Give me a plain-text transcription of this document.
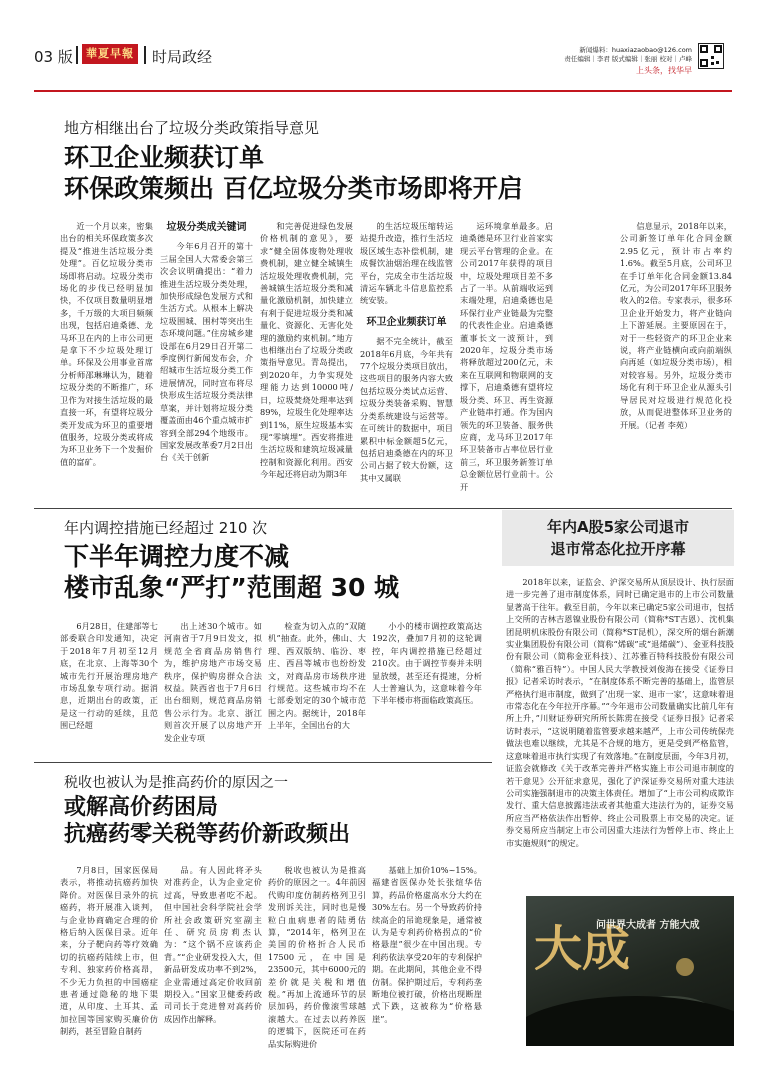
03 版	華夏早報 时局政经	新闻爆料：huaxiazaobao@126.com
责任编辑｜李君 版式编辑｜张丽 校对｜卢峰
上头条，找华早
地方相继出台了垃圾分类政策指导意见
环卫企业频获订单
环保政策频出 百亿垃圾分类市场即将开启

近一个月以来，密集出台的相关环保政策多次提及“推进生活垃圾分类处理”。百亿垃圾分类市场即将启动。垃圾分类市场化的步伐已经明显加快，不仅项目数量明显增多，千万级的大项目频频出现，包括启迪桑德、龙马环卫在内的上市公司更是拿下不少垃圾处理订单。环保及公用事业首席分析师邵琳琳认为，随着垃圾分类的不断推广，环卫作为对接生活垃圾的最直接一环，有望将垃圾分类开发成为环卫的重要增值服务，垃圾分类或将成为环卫业务下一个发掘价值的富矿。

垃圾分类成关键词

今年6月召开的第十三届全国人大常委会第三次会议明确提出：“着力推进生活垃圾分类处理，加快形成绿色发展方式和生活方式。从根本上解决垃圾围城、围村等突出生态环境问题。”住房城乡建设部在6月29日召开第二季度例行新闻发布会，介绍城市生活垃圾分类工作进展情况，同时宣布将尽快形成生活垃圾分类法律草案，并计划将垃圾分类覆盖面由46个重点城市扩容到全部294个地级市。国家发展改革委7月2日出台《关于创新

和完善促进绿色发展价格机制的意见》，要求“健全固体废物处理收费机制，建立健全城镇生活垃圾处理收费机制，完善城镇生活垃圾分类和减量化激励机制，加快建立有利于促进垃圾分类和减量化、资源化、无害化处理的激励约束机制。”地方也相继出台了垃圾分类政策指导意见。青岛提出，到2020年，力争实现处理能力达到10000吨/日，垃圾焚烧处理率达到89%，垃圾生化处理率达到11%，原生垃圾基本实现“零填埋”。西安将推进生活垃圾和建筑垃圾减量控制和资源化利用。西安今年起还将启动为期3年

的生活垃圾压缩转运站提升改造，推行生活垃圾区域生态补偿机制，建成餐饮油烟治理在线监管平台，完成全市生活垃圾清运车辆北斗信息监控系统安装。

环卫企业频获订单

据不完全统计，截至2018年6月底，今年共有77个垃圾分类项目放出，这些项目的服务内容大致包括垃圾分类试点运营、垃圾分类装备采购、智慧分类系统建设与运营等。在可统计的数据中，项目累积中标金额超5亿元，包括启迪桑德在内的环卫公司占据了较大份额，这其中又属联

运环境拿单最多。启迪桑德是环卫行业首家实现云平台管理的企业。在公司2017年获得的项目中，垃圾处理项目差不多占了一半。从前端收运到末端处理，启迪桑德也是环保行业产业链最为完整的代表性企业。启迪桑德董事长文一波预计，到2020年，垃圾分类市场将释放超过200亿元，未来在互联网和物联网的支撑下，启迪桑德有望将垃圾分类、环卫、再生资源产业链串打通。作为国内领先的环卫装备、服务供应商，龙马环卫2017年环卫装备市占率位居行业前三，环卫服务新签订单总金额位居行业前十。公开

信息显示，2018年以来，公司新签订单年化合同金额2.95亿元，预计市占率约1.6%。截至5月底，公司环卫在手订单年化合同金额13.84亿元，为公司2017年环卫服务收入的2倍。专家表示，很多环卫企业开始发力，将产业链向上下游延展。主要原因在于，对于一些轻资产的环卫企业来说，将产业链横向或向前端纵向再延（如垃圾分类市场），相对较容易。另外，垃圾分类市场化有利于环卫企业从源头引导居民对垃圾进行规范化投放，从而促进整体环卫业务的开展。（记者 李苑）

年内调控措施已经超过 210 次
下半年调控力度不减
楼市乱象“严打”范围超 30 城

6月28日，住建部等七部委联合印发通知，决定于2018年7月初至12月底，在北京、上海等30个城市先行开展治理房地产市场乱象专项行动。据消息，近期出台的政策，正是这一行动的延续，且范围已经超

出上述30个城市。如河南省于7月9日发文，拟规范全省商品房销售行为，维护房地产市场交易秩序，保护购房群众合法权益。陕西省也于7月6日出台细则，规范商品房销售公示行为。北京、浙江则首次开展了以房地产开发企业专项

检查为切入点的“双随机”抽查。此外，佛山、大理、西双版纳、临汾、枣庄、西昌等城市也纷纷发文，对商品房市场秩序进行规范。这些城市均不在七部委划定的30个城市范围之内。据统计，2018年上半年，全国出台的大

小小的楼市调控政策高达192次，叠加7月初的这轮调控，年内调控措施已经超过210次。由于调控节奏并未明显放缓，甚至还有提速，分析人士普遍认为，这意味着今年下半年楼市将面临政策高压。

年内A股5家公司退市
退市常态化拉开序幕

2018年以来，证监会、沪深交易所从顶层设计、执行层面进一步完善了退市制度体系，同时已确定退市的上市公司数量显著高于往年。截至目前，今年以来已确定5家公司退市，包括上交所的吉林吉恩镍业股份有限公司（简称*ST吉恩）、沈机集团昆明机床股份有限公司（简称*ST昆机），深交所的烟台新潮实业集团股份有限公司（简称“烯碳”或“退烯碳”）、金亚科技股份有限公司（简称金亚科技）、江苏雅百特科技股份有限公司（简称“雅百特”）。中国人民大学教授刘俊海在接受《证券日报》记者采访时表示，“在制度体系不断完善的基础上，监管层严格执行退市制度，做到了‘出现一家、退市一家’，这意味着退市常态化在今年拉开序幕。”“今年退市公司数量确实比前几年有所上升，”川财证券研究所所长陈雳在接受《证券日报》记者采访时表示，“这说明随着监管要求越来越严，上市公司传统保壳做法也难以继续，尤其是不合规的地方，更是受到严格监管，这意味着退市执行实现了有效落地。”在制度层面，今年3月初，证监会就修改《关于改革完善并严格实施上市公司退市制度的若干意见》公开征求意见，强化了沪深证券交易所对重大违法公司实施强制退市的决策主体责任。增加了“上市公司构成欺诈发行、重大信息披露违法或者其他重大违法行为的，证券交易所应当严格依法作出暂停、终止公司股票上市交易的决定。证券交易所应当制定上市公司因重大违法行为暂停上市、终止上市实施规则”的规定。

税收也被认为是推高药价的原因之一
或解高价药困局
抗癌药零关税等药价新政频出

7月8日，国家医保局表示，将推动抗癌药加快降价。对医保目录外的抗癌药，将开展准入谈判，与企业协商确定合理的价格后纳入医保目录。近年来，分子靶向药等疗效确切的抗癌药陆续上市，但专利、独家药价格高昂，不少无力负担的中国癌症患者通过隐秘的地下渠道，从印度、土耳其、孟加拉国等国家购买廉价仿制药，甚至冒险自制药

品。有人因此将矛头对准药企，认为企业定价过高，导致患者吃不起。但中国社会科学院社会学所社会政策研究室副主任、研究员房莉杰认为：“这个锅不应该药企背。”“企业研发投入大，但新品研发成功率不到2%，企业需通过高定价收回前期投入。”国家卫健委药政司司长于竞进曾对高药价成因作出解释。

税收也被认为是推高药价的原因之一。4年前因代购印度仿制药格列卫引发刑诉关注，同时也是慢粒白血病患者的陆勇估算，“2014年，格列卫在美国的价格折合人民币17500元，在中国是23500元，其中6000元的差价就是关税和增值税。”再加上流通环节的层层加码，药价像滚雪球越滚越大。在过去以药养医的逻辑下，医院还可在药品实际购进价

基础上加价10%~15%。福建省医保办处长张煊华估算，药品价格虚高水分大约在30%左右。另一个导致药价持续高企的吊诡现象是，通常被认为是专利药价格拐点的“价格悬崖”很少在中国出现。专利药依法享受20年的专利保护期。在此期间，其他企业不得仿制。保护期过后，专利药垄断地位被打破，价格出现断崖式下跌，这被称为“价格悬崖”。

大成
问世界大成者 方能大成
